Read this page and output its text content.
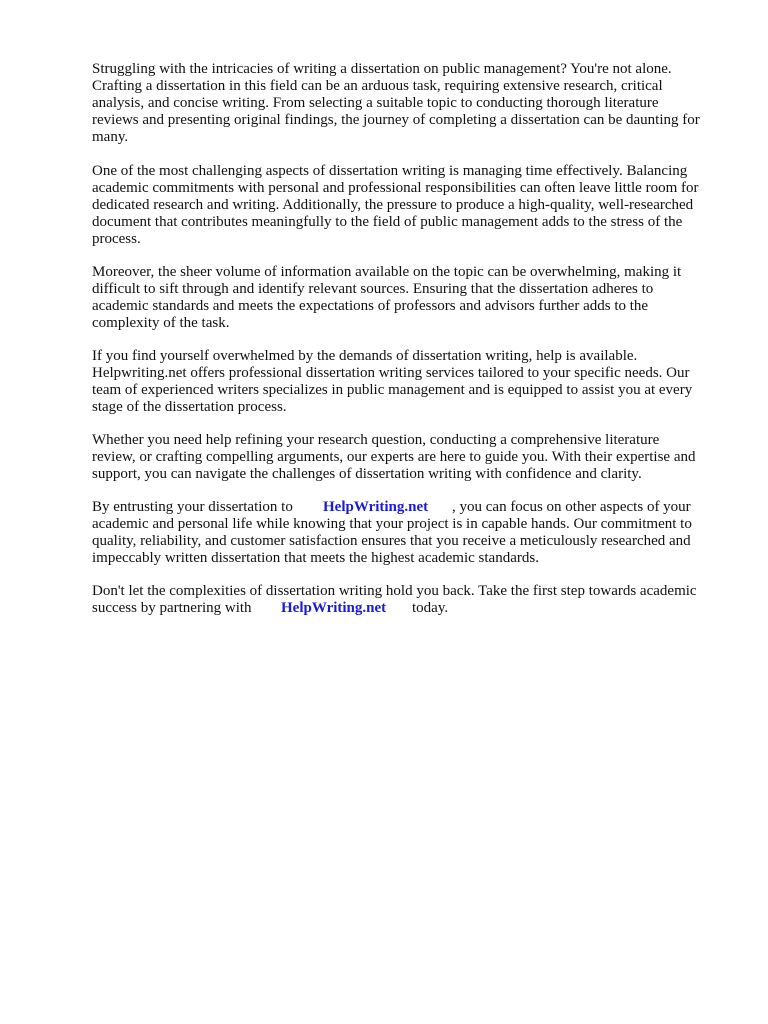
Struggling with the intricacies of writing a dissertation on public management? You're not alone.
Crafting a dissertation in this field can be an arduous task, requiring extensive research, critical
analysis, and concise writing. From selecting a suitable topic to conducting thorough literature
reviews and presenting original findings, the journey of completing a dissertation can be daunting for
many.
One of the most challenging aspects of dissertation writing is managing time effectively. Balancing
academic commitments with personal and professional responsibilities can often leave little room for
dedicated research and writing. Additionally, the pressure to produce a high-quality, well-researched
document that contributes meaningfully to the field of public management adds to the stress of the
process.
Moreover, the sheer volume of information available on the topic can be overwhelming, making it
difficult to sift through and identify relevant sources. Ensuring that the dissertation adheres to
academic standards and meets the expectations of professors and advisors further adds to the
complexity of the task.
If you find yourself overwhelmed by the demands of dissertation writing, help is available.
Helpwriting.net offers professional dissertation writing services tailored to your specific needs. Our
team of experienced writers specializes in public management and is equipped to assist you at every
stage of the dissertation process.
Whether you need help refining your research question, conducting a comprehensive literature
review, or crafting compelling arguments, our experts are here to guide you. With their expertise and
support, you can navigate the challenges of dissertation writing with confidence and clarity.
By entrusting your dissertation to HelpWriting.net , you can focus on other aspects of your
academic and personal life while knowing that your project is in capable hands. Our commitment to
quality, reliability, and customer satisfaction ensures that you receive a meticulously researched and
impeccably written dissertation that meets the highest academic standards.
Don't let the complexities of dissertation writing hold you back. Take the first step towards academic
success by partnering with HelpWriting.net today.
